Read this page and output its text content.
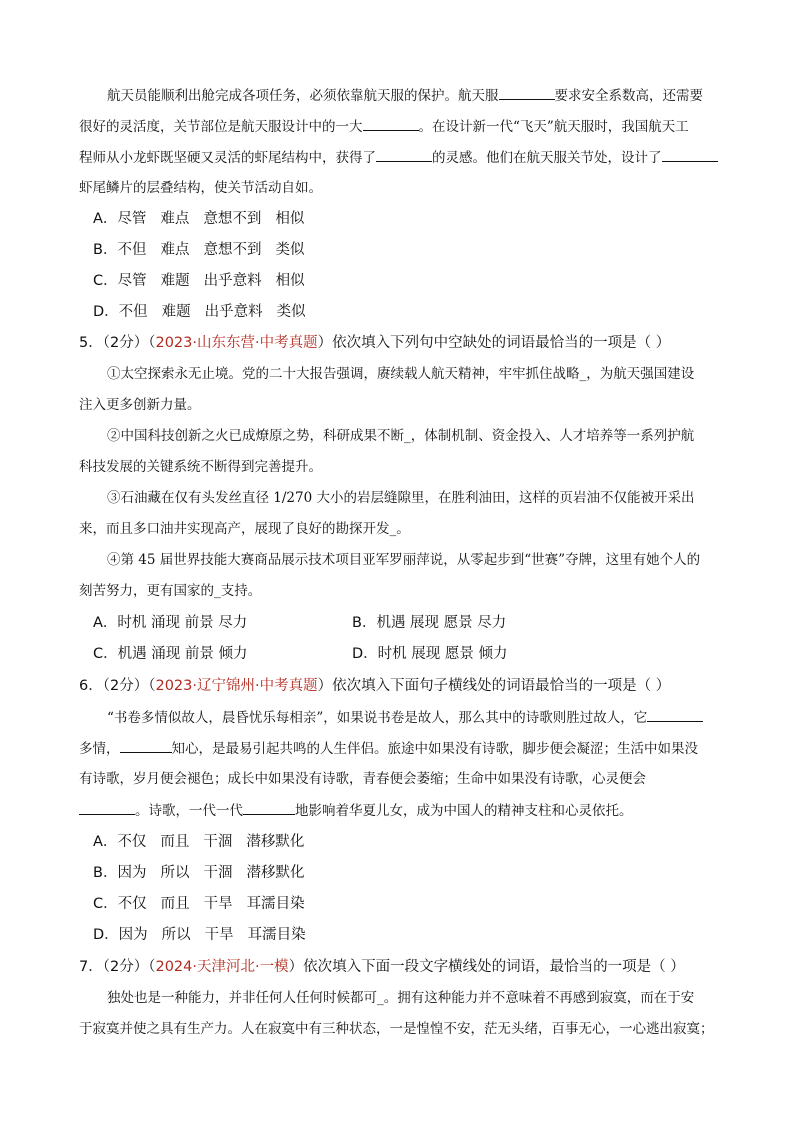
航天员能顺利出舱完成各项任务，必须依靠航天服的保护。航天服	要求安全系数高，还需要
很好的灵活度，关节部位是航天服设计中的一大	。在设计新一代“飞天”航天服时，我国航天工
程师从小龙虾既坚硬又灵活的虾尾结构中，获得了	的灵感。他们在航天服关节处，设计了
虾尾鳞片的层叠结构，使关节活动自如。
A．尽管 难点 意想不到 相似
B．不但 难点 意想不到 类似
C．尽管 难题 出乎意料 相似
D．不但 难题 出乎意料 类似
5．（2分）（2023·山东东营·中考真题）依次填入下列句中空缺处的词语最恰当的一项是（ ）
①太空探索永无止境。党的二十大报告强调，赓续载人航天精神，牢牢抓住战略_，为航天强国建设
注入更多创新力量。
②中国科技创新之火已成燎原之势，科研成果不断_，体制机制、资金投入、人才培养等一系列护航
科技发展的关键系统不断得到完善提升。
③石油藏在仅有头发丝直径 1/270 大小的岩层缝隙里，在胜利油田，这样的页岩油不仅能被开采出
来，而且多口油井实现高产，展现了良好的勘探开发_。
④第 45 届世界技能大赛商品展示技术项目亚军罗丽萍说，从零起步到“世赛”夺牌，这里有她个人的
刻苦努力，更有国家的_支持。
A．时机 涌现 前景 尽力	B．机遇 展现 愿景 尽力
C．机遇 涌现 前景 倾力	D．时机 展现 愿景 倾力
6．（2分）（2023·辽宁锦州·中考真题）依次填入下面句子横线处的词语最恰当的一项是（ ）
“书卷多情似故人，晨昏忧乐每相亲”，如果说书卷是故人，那么其中的诗歌则胜过故人，它
多情，	知心，是最易引起共鸣的人生伴侣。旅途中如果没有诗歌，脚步便会凝涩；生活中如果没
有诗歌，岁月便会褪色；成长中如果没有诗歌，青春便会萎缩；生命中如果没有诗歌，心灵便会
。诗歌，一代一代	地影响着华夏儿女，成为中国人的精神支柱和心灵依托。
A．不仅 而且 干涸 潜移默化
B．因为 所以 干涸 潜移默化
C．不仅 而且 干旱 耳濡目染
D．因为 所以 干旱 耳濡目染
7．（2分）（2024·天津河北·一模）依次填入下面一段文字横线处的词语，最恰当的一项是（ ）
独处也是一种能力，并非任何人任何时候都可_。拥有这种能力并不意味着不再感到寂寞，而在于安
于寂寞并使之具有生产力。人在寂寞中有三种状态，一是惶惶不安，茫无头绪，百事无心，一心逃出寂寞；
